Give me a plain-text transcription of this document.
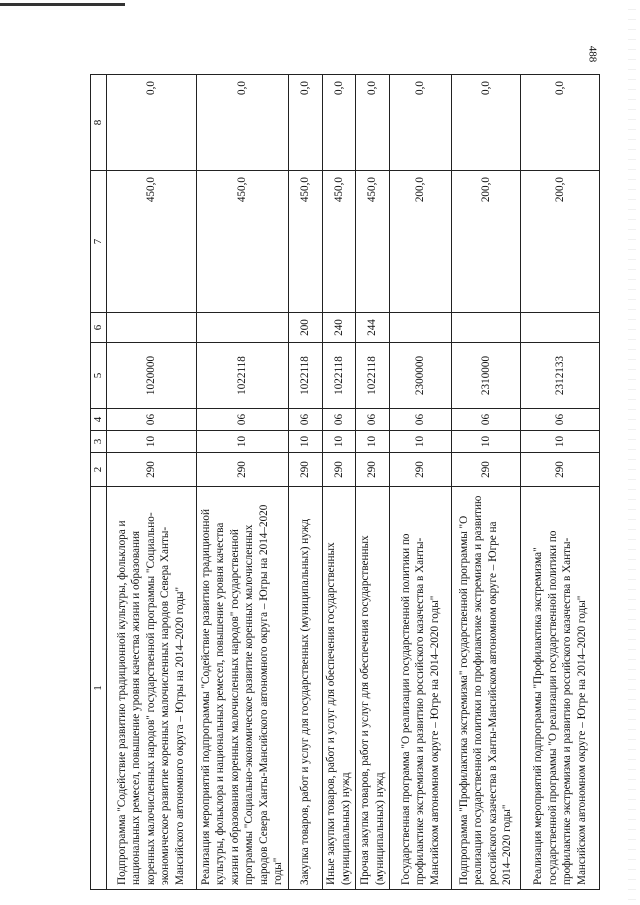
488
1	2	3	4	5	6	7	8
Подпрограмма "Содействие развитию традиционной культуры, фольклора и национальных ремесел, повышение уровня качества жизни и образования коренных малочисленных народов" государственной программы "Социально-экономическое развитие коренных малочисленных народов Севера Ханты-Мансийского автономного округа – Югры на 2014–2020 годы"	290	10	06	1020000		450,0	0,0
Реализация мероприятий подпрограммы "Содействие развитию традиционной культуры, фольклора и национальных ремесел, повышение уровня качества жизни и образования коренных малочисленных народов" государственной программы "Социально-экономическое развитие коренных малочисленных народов Севера Ханты-Мансийского автономного округа – Югры на 2014–2020 годы"	290	10	06	1022118		450,0	0,0
Закупка товаров, работ и услуг для государственных (муниципальных) нужд	290	10	06	1022118	200	450,0	0,0
Иные закупки товаров, работ и услуг для обеспечения государственных (муниципальных) нужд	290	10	06	1022118	240	450,0	0,0
Прочая закупка товаров, работ и услуг для обеспечения государственных (муниципальных) нужд	290	10	06	1022118	244	450,0	0,0
Государственная программа "О реализации государственной политики по профилактике экстремизма и развитию российского казачества в Ханты-Мансийском автономном округе – Югре на 2014–2020 годы"	290	10	06	2300000		200,0	0,0
Подпрограмма "Профилактика экстремизма" государственной программы "О реализации государственной политики по профилактике экстремизма и развитию российского казачества в Ханты-Мансийском автономном округе – Югре на 2014–2020 годы"	290	10	06	2310000		200,0	0,0
Реализация мероприятий подпрограммы "Профилактика экстремизма" государственной программы "О реализации государственной политики по профилактике экстремизма и развитию российского казачества в Ханты-Мансийском автономном округе – Югре на 2014–2020 годы"	290	10	06	2312133		200,0	0,0
